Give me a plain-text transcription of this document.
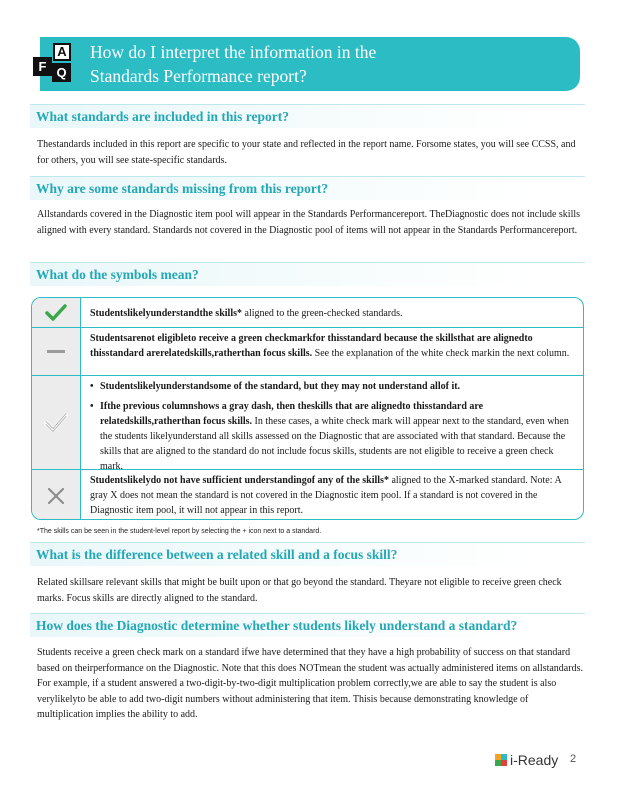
How do I interpret the information in the
Standards Performance report?
A
F Q
What standards are included in this report?
Thestandards included in this report are specific to your state and reflected in the report name. Forsome states, you will see CCSS, and for others, you will see state-specific standards.
Why are some standards missing from this report?
Allstandards covered in the Diagnostic item pool will appear in the Standards Performancereport. TheDiagnostic does not include skills aligned with every standard. Standards not covered in the Diagnostic pool of items will not appear in the Standards Performancereport.
What do the symbols mean?
Studentslikelyunderstandthe skills* aligned to the green-checked standards.
Studentsarenot eligibleto receive a green checkmarkfor thisstandard because the skillsthat are alignedto thisstandard arerelatedskills,ratherthan focus skills. See the explanation of the white check markin the next column.
• Studentslikelyunderstandsome of the standard, but they may not understand allof it.
• Ifthe previous columnshows a gray dash, then theskills that are alignedto thisstandard are relatedskills,ratherthan focus skills. In these cases, a white check mark will appear next to the standard, even when the students likelyunderstand all skills assessed on the Diagnostic that are associated with that standard. Because the skills that are aligned to the standard do not include focus skills, students are not eligible to receive a green check mark.
Studentslikelydo not have sufficient understandingof any of the skills* aligned to the X-marked standard. Note: A gray X does not mean the standard is not covered in the Diagnostic item pool. If a standard is not covered in the Diagnostic item pool, it will not appear in this report.
*The skills can be seen in the student-level report by selecting the + icon next to a standard.
What is the difference between a related skill and a focus skill?
Related skillsare relevant skills that might be built upon or that go beyond the standard. Theyare not eligible to receive green check marks. Focus skills are directly aligned to the standard.
How does the Diagnostic determine whether students likely understand a standard?
Students receive a green check mark on a standard ifwe have determined that they have a high probability of success on that standard based on theirperformance on the Diagnostic. Note that this does NOTmean the student was actually administered items on allstandards. For example, if a student answered a two-digit-by-two-digit multiplication problem correctly,we are able to say the student is also verylikelyto be able to add two-digit numbers without administering that item. Thisis because demonstrating knowledge of multiplication implies the ability to add.
i-Ready 2
